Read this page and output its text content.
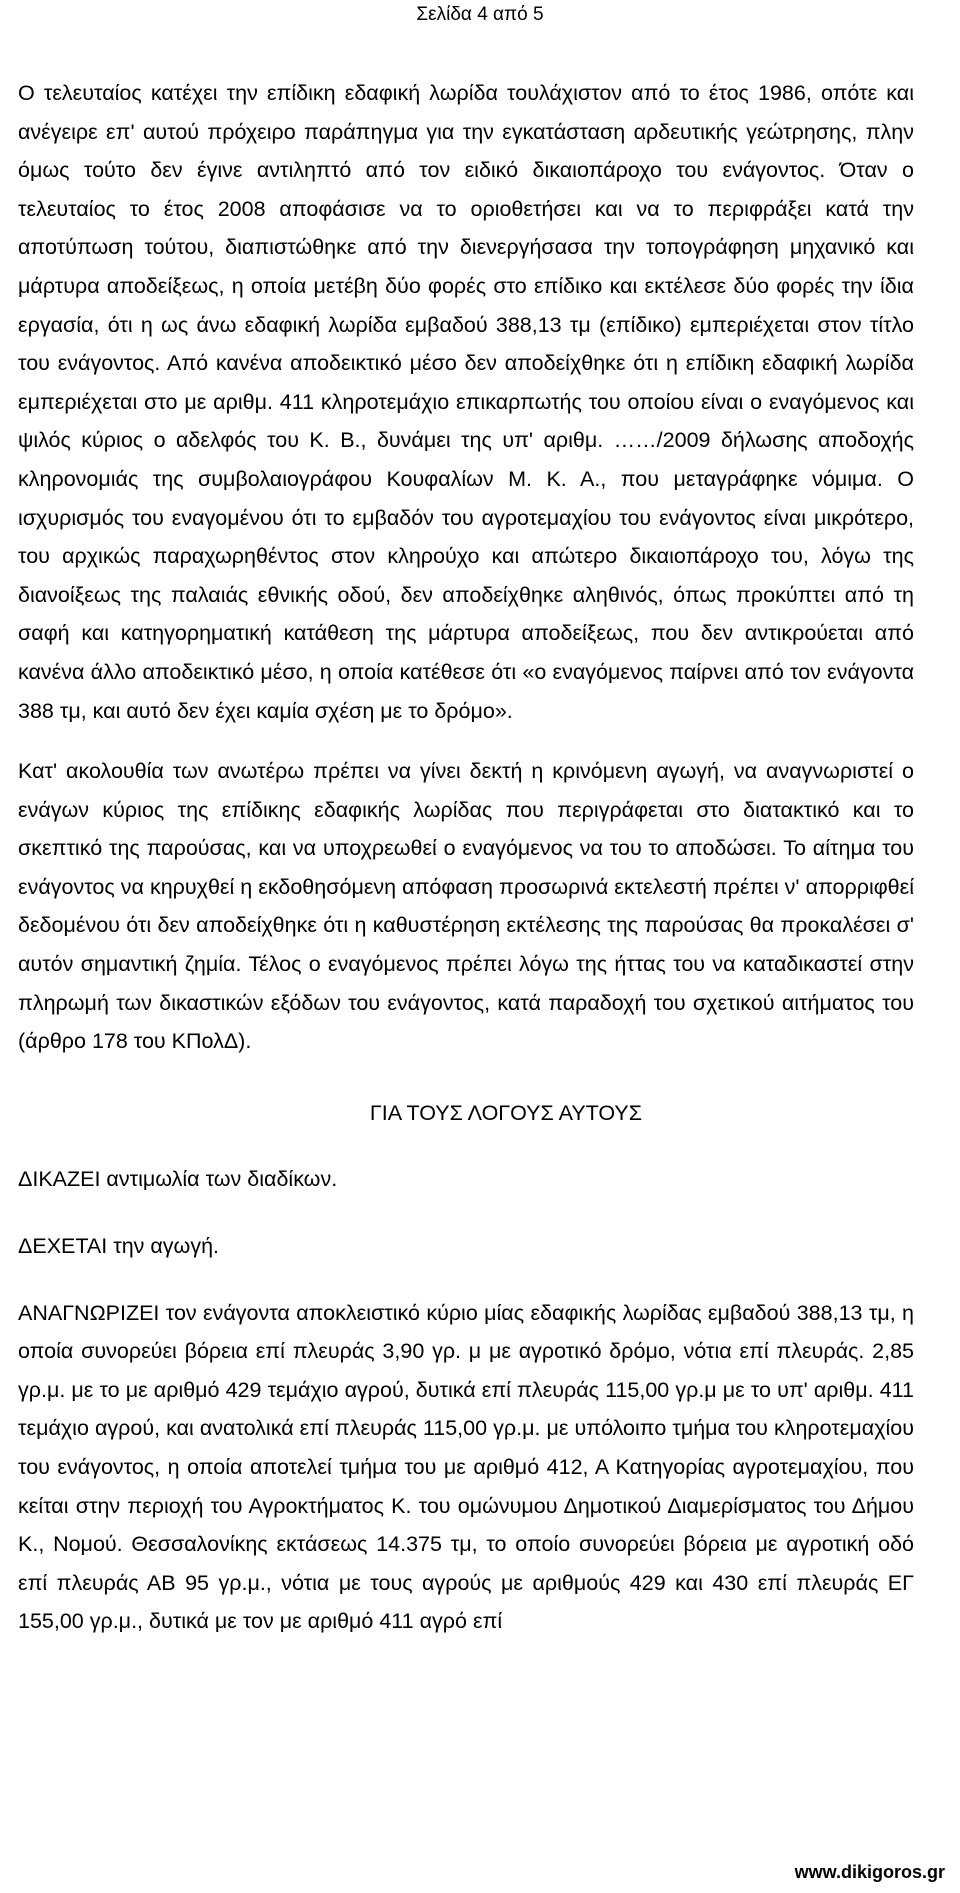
Σελίδα 4 από 5

Ο τελευταίος κατέχει την επίδικη εδαφική λωρίδα τουλάχιστον από το έτος 1986, οπότε και ανέγειρε επ' αυτού πρόχειρο παράπηγμα για την εγκατάσταση αρδευτικής γεώτρησης, πλην όμως τούτο δεν έγινε αντιληπτό από τον ειδικό δικαιοπάροχο του ενάγοντος. Όταν ο τελευταίος το έτος 2008 αποφάσισε να το οριοθετήσει και να το περιφράξει κατά την αποτύπωση τούτου, διαπιστώθηκε από την διενεργήσασα την τοπογράφηση μηχανικό και μάρτυρα αποδείξεως, η οποία μετέβη δύο φορές στο επίδικο και εκτέλεσε δύο φορές την ίδια εργασία, ότι η ως άνω εδαφική λωρίδα εμβαδού 388,13 τμ (επίδικο) εμπεριέχεται στον τίτλο του ενάγοντος. Από κανένα αποδεικτικό μέσο δεν αποδείχθηκε ότι η επίδικη εδαφική λωρίδα εμπεριέχεται στο με αριθμ. 411 κληροτεμάχιο επικαρπωτής του οποίου είναι ο εναγόμενος και ψιλός κύριος ο αδελφός του Κ. Β., δυνάμει της υπ' αριθμ. ……/2009 δήλωσης αποδοχής κληρονομιάς της συμβολαιογράφου Κουφαλίων Μ. Κ. Α., που μεταγράφηκε νόμιμα. Ο ισχυρισμός του εναγομένου ότι το εμβαδόν του αγροτεμαχίου του ενάγοντος είναι μικρότερο, του αρχικώς παραχωρηθέντος στον κληρούχο και απώτερο δικαιοπάροχο του, λόγω της διανοίξεως της παλαιάς εθνικής οδού, δεν αποδείχθηκε αληθινός, όπως προκύπτει από τη σαφή και κατηγορηματική κατάθεση της μάρτυρα αποδείξεως, που δεν αντικρούεται από κανένα άλλο αποδεικτικό μέσο, η οποία κατέθεσε ότι «ο εναγόμενος παίρνει από τον ενάγοντα 388 τμ, και αυτό δεν έχει καμία σχέση με το δρόμο».

Κατ' ακολουθία των ανωτέρω πρέπει να γίνει δεκτή η κρινόμενη αγωγή, να αναγνωριστεί ο ενάγων κύριος της επίδικης εδαφικής λωρίδας που περιγράφεται στο διατακτικό και το σκεπτικό της παρούσας, και να υποχρεωθεί ο εναγόμενος να του το αποδώσει. Το αίτημα του ενάγοντος να κηρυχθεί η εκδοθησόμενη απόφαση προσωρινά εκτελεστή πρέπει ν' απορριφθεί δεδομένου ότι δεν αποδείχθηκε ότι η καθυστέρηση εκτέλεσης της παρούσας θα προκαλέσει σ' αυτόν σημαντική ζημία. Τέλος ο εναγόμενος πρέπει λόγω της ήττας του να καταδικαστεί στην πληρωμή των δικαστικών εξόδων του ενάγοντος, κατά παραδοχή του σχετικού αιτήματος του (άρθρο 178 του ΚΠολΔ).

ΓΙΑ ΤΟΥΣ ΛΟΓΟΥΣ ΑΥΤΟΥΣ

ΔΙΚΑΖΕΙ αντιμωλία των διαδίκων.

ΔΕΧΕΤΑΙ την αγωγή.

ΑΝΑΓΝΩΡΙΖΕΙ τον ενάγοντα αποκλειστικό κύριο μίας εδαφικής λωρίδας εμβαδού 388,13 τμ, η οποία συνορεύει βόρεια επί πλευράς 3,90 γρ. μ με αγροτικό δρόμο, νότια επί πλευράς. 2,85 γρ.μ. με το με αριθμό 429 τεμάχιο αγρού, δυτικά επί πλευράς 115,00 γρ.μ με το υπ' αριθμ. 411 τεμάχιο αγρού, και ανατολικά επί πλευράς 115,00 γρ.μ. με υπόλοιπο τμήμα του κληροτεμαχίου του ενάγοντος, η οποία αποτελεί τμήμα του με αριθμό 412, Α Κατηγορίας αγροτεμαχίου, που κείται στην περιοχή του Αγροκτήματος Κ. του ομώνυμου Δημοτικού Διαμερίσματος του Δήμου Κ., Νομού. Θεσσαλονίκης εκτάσεως 14.375 τμ, το οποίο συνορεύει βόρεια με αγροτική οδό επί πλευράς ΑΒ 95 γρ.μ., νότια με τους αγρούς με αριθμούς 429 και 430 επί πλευράς ΕΓ 155,00 γρ.μ., δυτικά με τον με αριθμό 411 αγρό επί

www.dikigoros.gr
